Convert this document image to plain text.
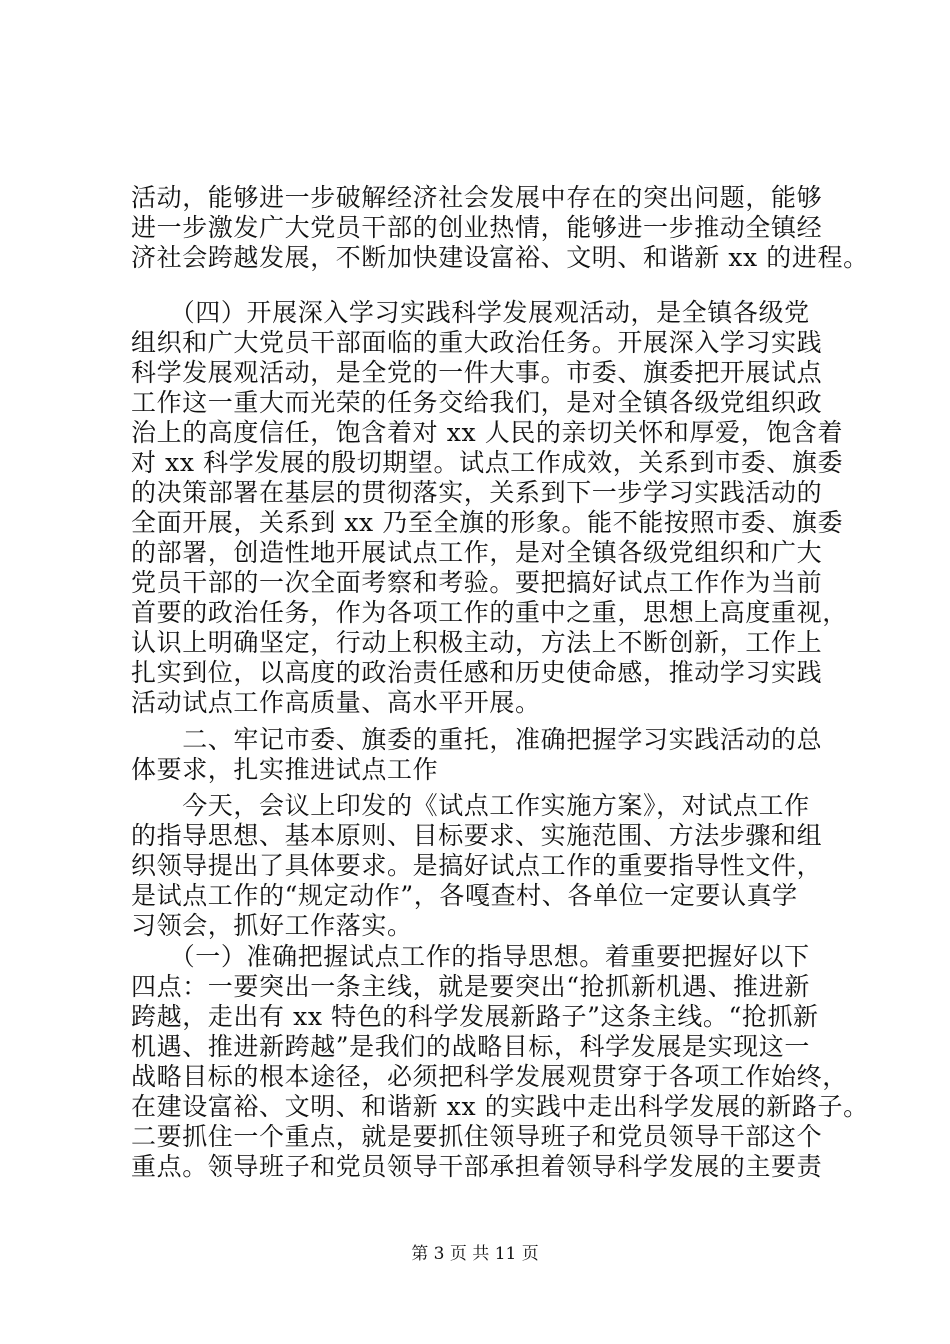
活动，能够进一步破解经济社会发展中存在的突出问题，能够
进一步激发广大党员干部的创业热情，能够进一步推动全镇经
济社会跨越发展，不断加快建设富裕、文明、和谐新 xx 的进程。
　　（四）开展深入学习实践科学发展观活动，是全镇各级党
组织和广大党员干部面临的重大政治任务。开展深入学习实践
科学发展观活动，是全党的一件大事。市委、旗委把开展试点
工作这一重大而光荣的任务交给我们，是对全镇各级党组织政
治上的高度信任，饱含着对 xx 人民的亲切关怀和厚爱，饱含着
对 xx 科学发展的殷切期望。试点工作成效，关系到市委、旗委
的决策部署在基层的贯彻落实，关系到下一步学习实践活动的
全面开展，关系到 xx 乃至全旗的形象。能不能按照市委、旗委
的部署，创造性地开展试点工作，是对全镇各级党组织和广大
党员干部的一次全面考察和考验。要把搞好试点工作作为当前
首要的政治任务，作为各项工作的重中之重，思想上高度重视，
认识上明确坚定，行动上积极主动，方法上不断创新，工作上
扎实到位，以高度的政治责任感和历史使命感，推动学习实践
活动试点工作高质量、高水平开展。
　　二、牢记市委、旗委的重托，准确把握学习实践活动的总
体要求，扎实推进试点工作
　　今天，会议上印发的《试点工作实施方案》，对试点工作
的指导思想、基本原则、目标要求、实施范围、方法步骤和组
织领导提出了具体要求。是搞好试点工作的重要指导性文件，
是试点工作的“规定动作”，各嘎查村、各单位一定要认真学
习领会，抓好工作落实。
　　（一）准确把握试点工作的指导思想。着重要把握好以下
四点：一要突出一条主线，就是要突出“抢抓新机遇、推进新
跨越，走出有 xx 特色的科学发展新路子”这条主线。“抢抓新
机遇、推进新跨越”是我们的战略目标，科学发展是实现这一
战略目标的根本途径，必须把科学发展观贯穿于各项工作始终，
在建设富裕、文明、和谐新 xx 的实践中走出科学发展的新路子。
二要抓住一个重点，就是要抓住领导班子和党员领导干部这个
重点。领导班子和党员领导干部承担着领导科学发展的主要责
第 3 页 共 11 页
